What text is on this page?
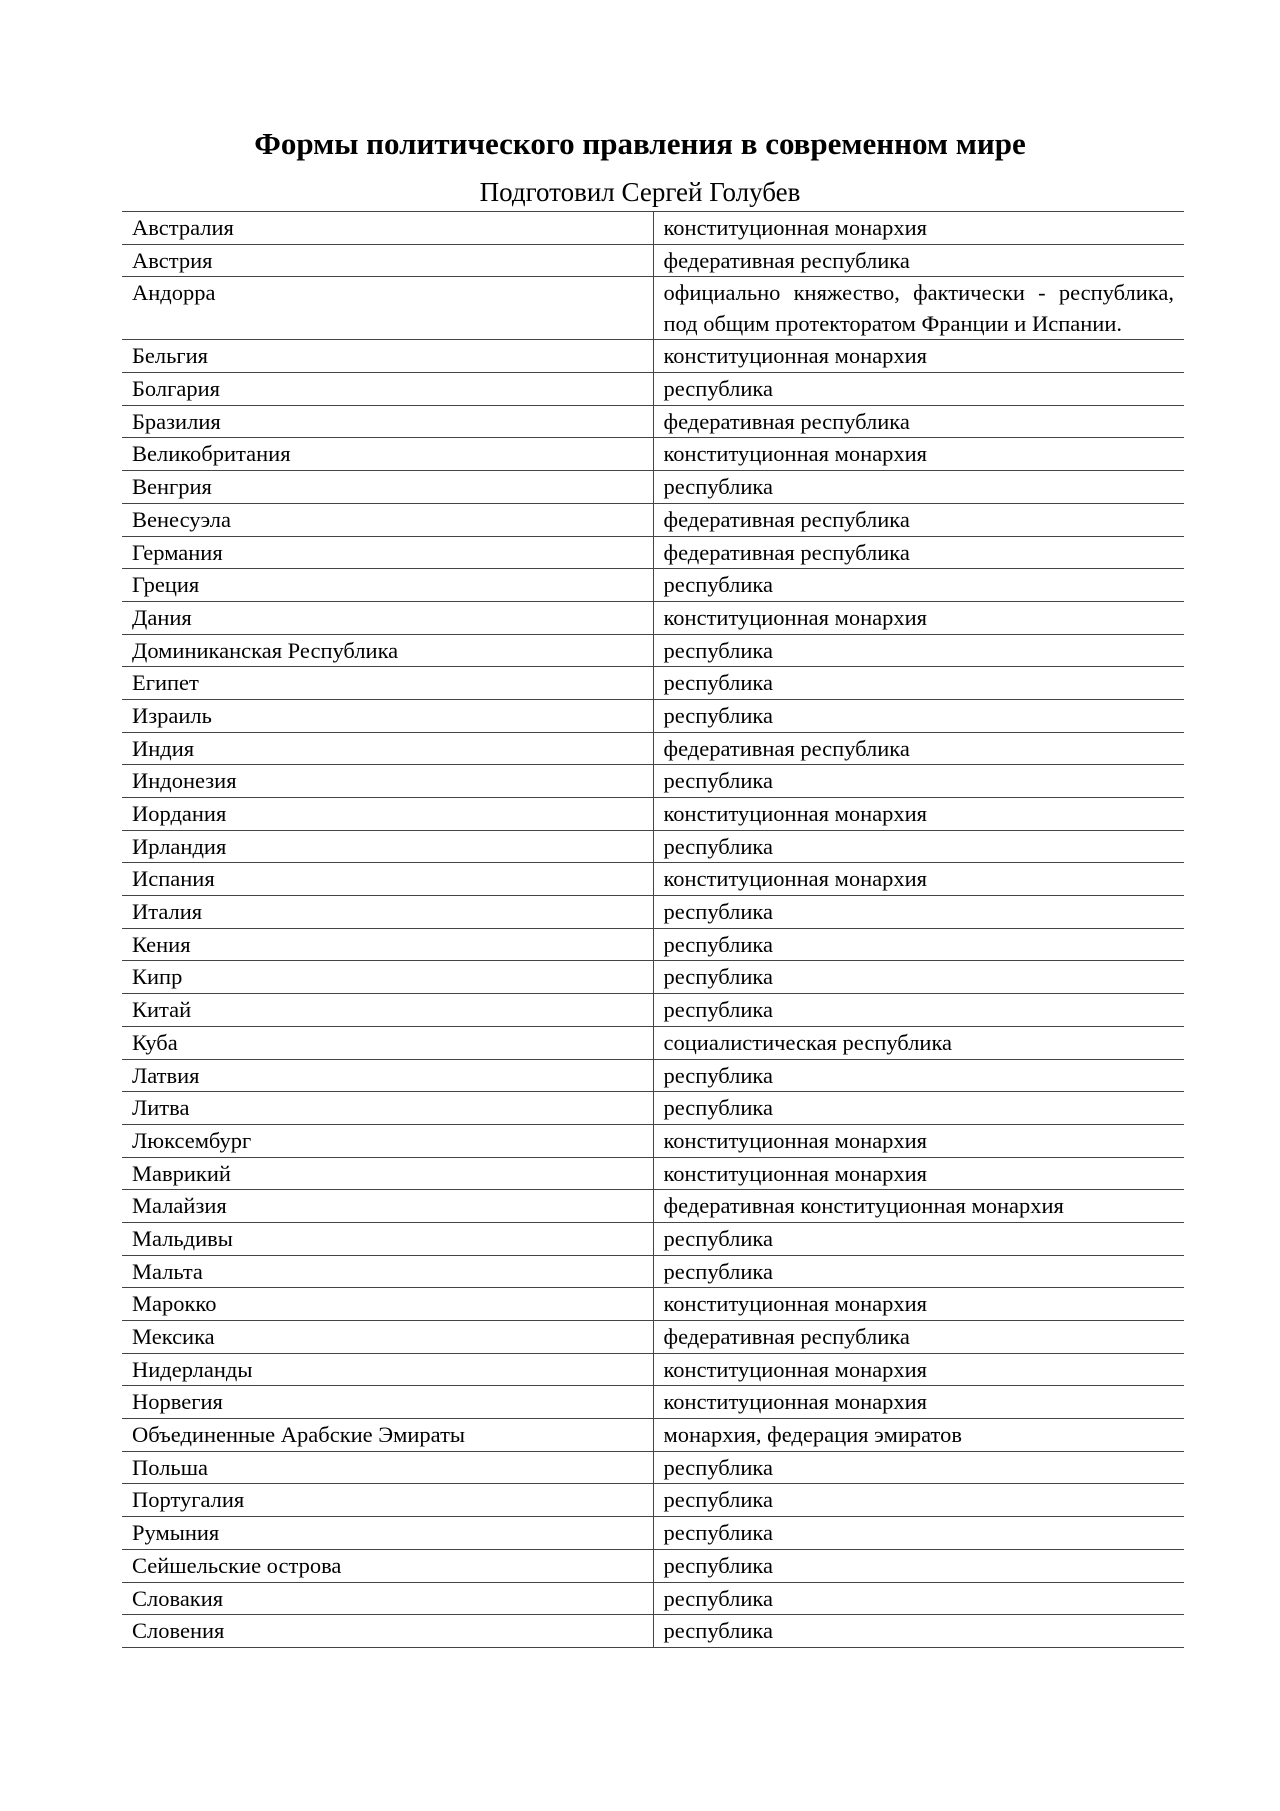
Формы политического правления в современном мире
Подготовил Сергей Голубев
Австралия	конституционная монархия
Австрия	федеративная республика
Андорра	официально княжество, фактически - республика, под общим протекторатом Франции и Испании.
Бельгия	конституционная монархия
Болгария	республика
Бразилия	федеративная республика
Великобритания	конституционная монархия
Венгрия	республика
Венесуэла	федеративная республика
Германия	федеративная республика
Греция	республика
Дания	конституционная монархия
Доминиканская Республика	республика
Египет	республика
Израиль	республика
Индия	федеративная республика
Индонезия	республика
Иордания	конституционная монархия
Ирландия	республика
Испания	конституционная монархия
Италия	республика
Кения	республика
Кипр	республика
Китай	республика
Куба	социалистическая республика
Латвия	республика
Литва	республика
Люксембург	конституционная монархия
Маврикий	конституционная монархия
Малайзия	федеративная конституционная монархия
Мальдивы	республика
Мальта	республика
Марокко	конституционная монархия
Мексика	федеративная республика
Нидерланды	конституционная монархия
Норвегия	конституционная монархия
Объединенные Арабские Эмираты	монархия, федерация эмиратов
Польша	республика
Португалия	республика
Румыния	республика
Сейшельские острова	республика
Словакия	республика
Словения	республика
